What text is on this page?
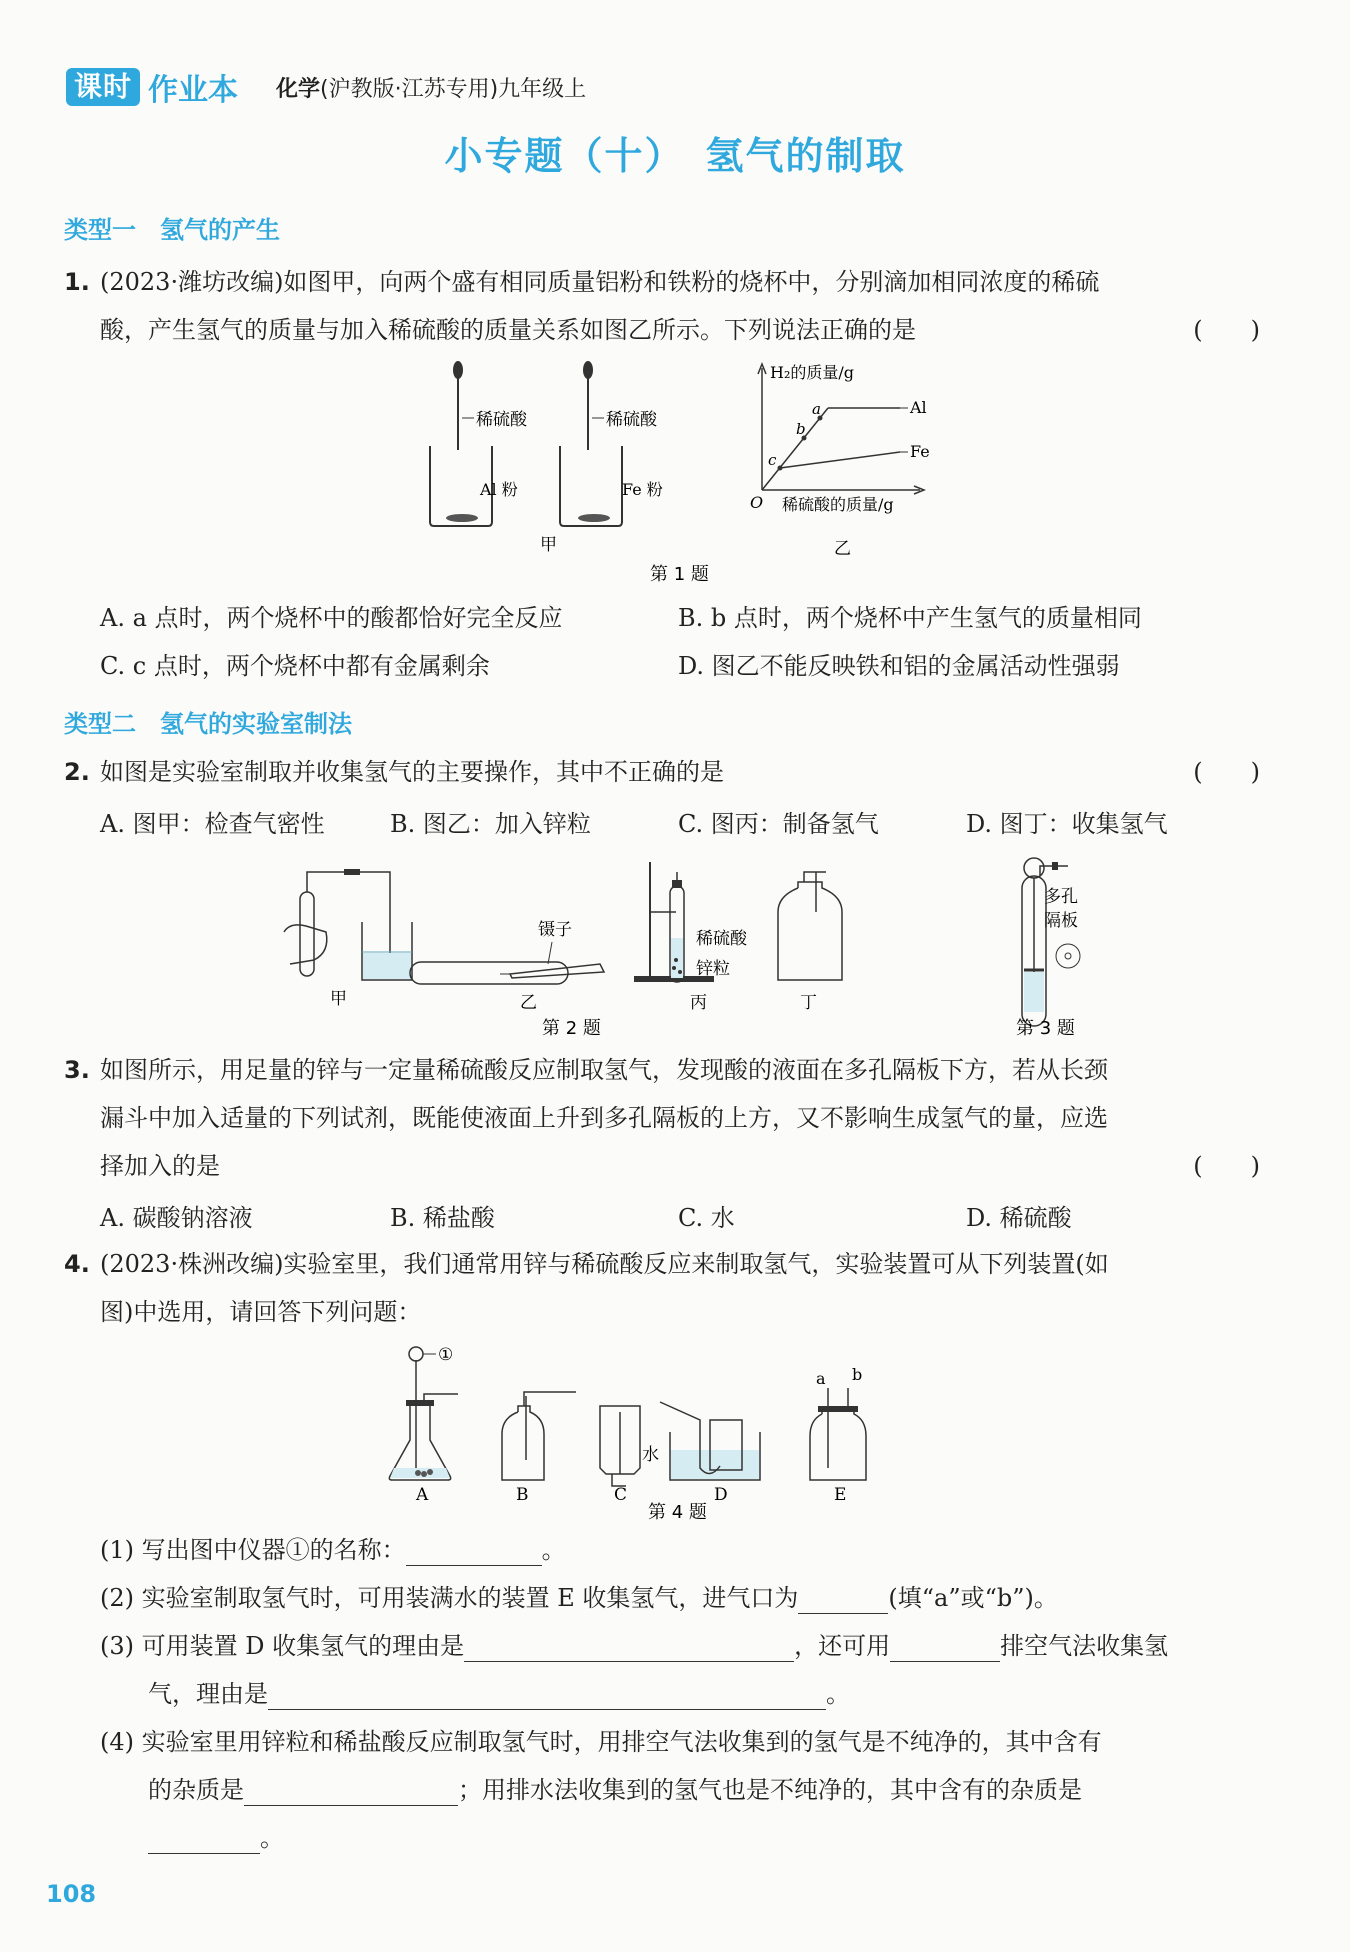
课时 作业本 化学(沪教版·江苏专用)九年级上
小专题（十）　氢气的制取
类型一　氢气的产生
1. (2023·潍坊改编)如图甲，向两个盛有相同质量铝粉和铁粉的烧杯中，分别滴加相同浓度的稀硫
酸，产生氢气的质量与加入稀硫酸的质量关系如图乙所示。下列说法正确的是	(　　)
稀硫酸
Al 粉
稀硫酸
Fe 粉
甲
H₂的质量/g
a
b
c
Al
Fe
O 稀硫酸的质量/g
乙
第 1 题
A. a 点时，两个烧杯中的酸都恰好完全反应	B. b 点时，两个烧杯中产生氢气的质量相同
C. c 点时，两个烧杯中都有金属剩余	D. 图乙不能反映铁和铝的金属活动性强弱
类型二　氢气的实验室制法
2. 如图是实验室制取并收集氢气的主要操作，其中不正确的是	(　　)
A. 图甲：检查气密性	B. 图乙：加入锌粒	C. 图丙：制备氢气	D. 图丁：收集氢气
甲
镊子
乙
稀硫酸
锌粒
丙	丁
第 2 题
多孔
隔板
第 3 题
3. 如图所示，用足量的锌与一定量稀硫酸反应制取氢气，发现酸的液面在多孔隔板下方，若从长颈
漏斗中加入适量的下列试剂，既能使液面上升到多孔隔板的上方，又不影响生成氢气的量，应选
择加入的是	(　　)
A. 碳酸钠溶液	B. 稀盐酸	C. 水	D. 稀硫酸
4. (2023·株洲改编)实验室里，我们通常用锌与稀硫酸反应来制取氢气，实验装置可从下列装置(如
图)中选用，请回答下列问题：
①
A	B	C
水
D
a b
E
第 4 题
(1) 写出图中仪器①的名称：	。
(2) 实验室制取氢气时，可用装满水的装置 E 收集氢气，进气口为	(填“a”或“b”)。
(3) 可用装置 D 收集氢气的理由是	，还可用	排空气法收集氢
气，理由是	。
(4) 实验室里用锌粒和稀盐酸反应制取氢气时，用排空气法收集到的氢气是不纯净的，其中含有
的杂质是	；用排水法收集到的氢气也是不纯净的，其中含有的杂质是
。
108
